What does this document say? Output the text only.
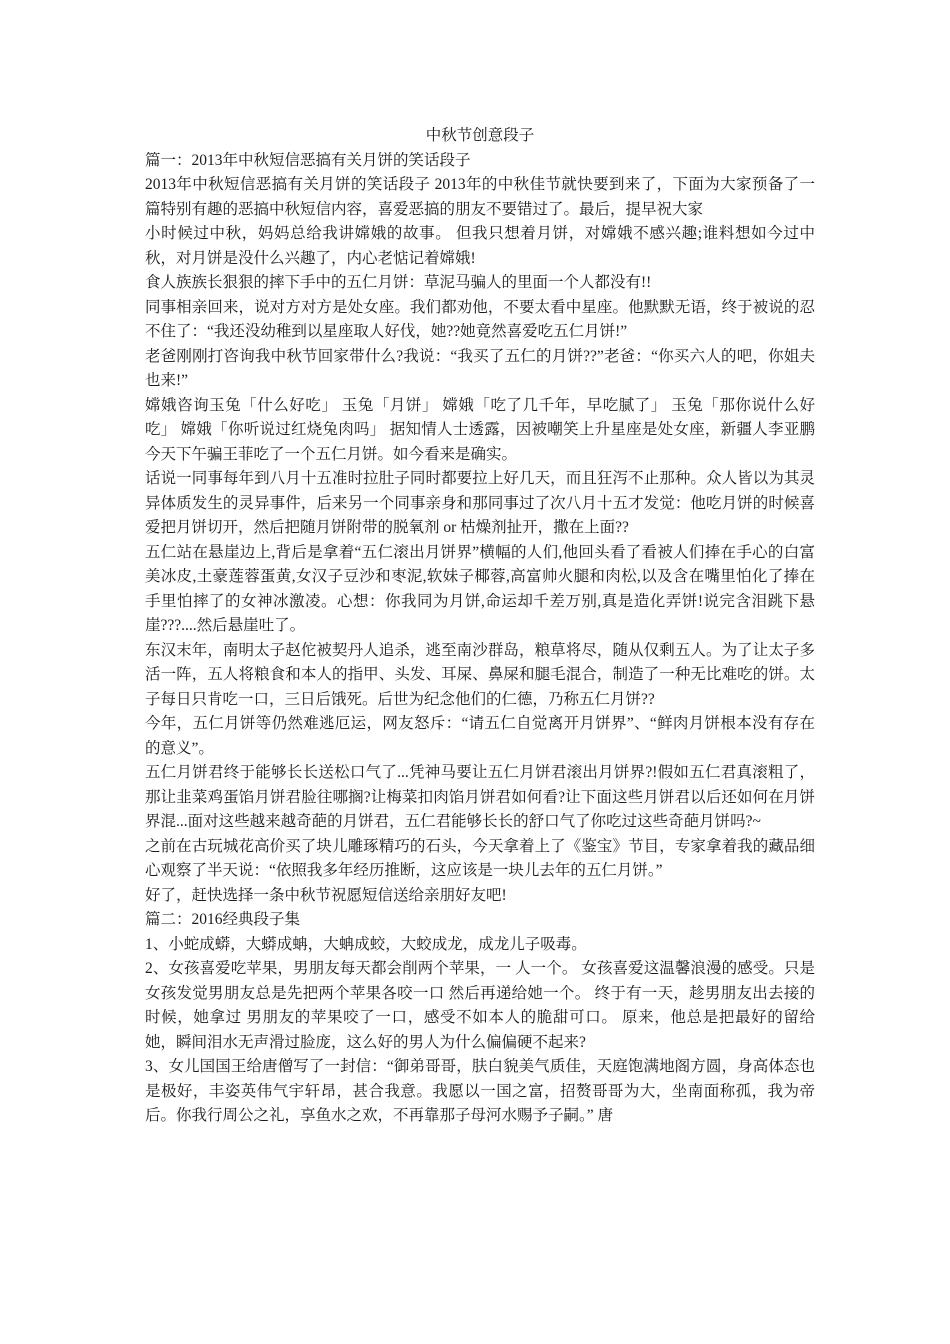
中秋节创意段子

篇一：2013年中秋短信恶搞有关月饼的笑话段子

2013年中秋短信恶搞有关月饼的笑话段子 2013年的中秋佳节就快要到来了，下面为大家预备了一篇特别有趣的恶搞中秋短信内容，喜爱恶搞的朋友不要错过了。最后，提早祝大家

小时候过中秋，妈妈总给我讲嫦娥的故事。 但我只想着月饼，对嫦娥不感兴趣;谁料想如今过中秋，对月饼是没什么兴趣了，内心老惦记着嫦娥!

食人族族长狠狠的摔下手中的五仁月饼：草泥马骗人的里面一个人都没有!!

同事相亲回来，说对方对方是处女座。我们都劝他，不要太看中星座。他默默无语，终于被说的忍不住了：“我还没幼稚到以星座取人好伐，她??她竟然喜爱吃五仁月饼!”

老爸刚刚打咨询我中秋节回家带什么?我说：“我买了五仁的月饼??”老爸：“你买六人的吧，你姐夫也来!”

嫦娥咨询玉兔「什么好吃」 玉兔「月饼」 嫦娥「吃了几千年，早吃腻了」 玉兔「那你说什么好吃」 嫦娥「你听说过红烧兔肉吗」 据知情人士透露，因被嘲笑上升星座是处女座，新疆人李亚鹏今天下午骗王菲吃了一个五仁月饼。如今看来是确实。

话说一同事每年到八月十五准时拉肚子同时都要拉上好几天，而且狂泻不止那种。众人皆以为其灵异体质发生的灵异事件，后来另一个同事亲身和那同事过了次八月十五才发觉：他吃月饼的时候喜爱把月饼切开，然后把随月饼附带的脱氧剂 or 枯燥剂扯开，撒在上面??

五仁站在悬崖边上,背后是拿着“五仁滚出月饼界”横幅的人们,他回头看了看被人们捧在手心的白富美冰皮,土豪莲蓉蛋黄,女汉子豆沙和枣泥,软妹子椰蓉,高富帅火腿和肉松,以及含在嘴里怕化了捧在手里怕摔了的女神冰激凌。心想：你我同为月饼,命运却千差万别,真是造化弄饼!说完含泪跳下悬崖???....然后悬崖吐了。

东汉末年，南明太子赵佗被契丹人追杀，逃至南沙群岛，粮草将尽，随从仅剩五人。为了让太子多活一阵，五人将粮食和本人的指甲、头发、耳屎、鼻屎和腿毛混合，制造了一种无比难吃的饼。太子每日只肯吃一口，三日后饿死。后世为纪念他们的仁德，乃称五仁月饼??

今年，五仁月饼等仍然难逃厄运，网友怒斥：“请五仁自觉离开月饼界”、“鲜肉月饼根本没有存在的意义”。

五仁月饼君终于能够长长送松口气了...凭神马要让五仁月饼君滚出月饼界?!假如五仁君真滚粗了，那让韭菜鸡蛋馅月饼君脸往哪搁?让梅菜扣肉馅月饼君如何看?让下面这些月饼君以后还如何在月饼界混...面对这些越来越奇葩的月饼君，五仁君能够长长的舒口气了你吃过这些奇葩月饼吗?~

之前在古玩城花高价买了块儿雕琢精巧的石头，今天拿着上了《鉴宝》节目，专家拿着我的藏品细心观察了半天说：“依照我多年经历推断，这应该是一块儿去年的五仁月饼。”

好了，赶快选择一条中秋节祝愿短信送给亲朋好友吧!

篇二：2016经典段子集

1、小蛇成蟒，大蟒成蚺，大蚺成蛟，大蛟成龙，成龙儿子吸毒。

2、女孩喜爱吃苹果，男朋友每天都会削两个苹果，一 人一个。 女孩喜爱这温馨浪漫的感受。只是女孩发觉男朋友总是先把两个苹果各咬一口 然后再递给她一个。 终于有一天，趁男朋友出去接的时候，她拿过 男朋友的苹果咬了一口，感受不如本人的脆甜可口。 原来，他总是把最好的留给她，瞬间泪水无声滑过脸庞，这么好的男人为什么偏偏硬不起来?

3、女儿国国王给唐僧写了一封信：“御弟哥哥，肤白貌美气质佳，天庭饱满地阁方圆，身高体态也是极好，丰姿英伟气宇轩昂，甚合我意。我愿以一国之富，招赘哥哥为大，坐南面称孤，我为帝后。你我行周公之礼，享鱼水之欢，不再靠那子母河水赐予子嗣。” 唐
